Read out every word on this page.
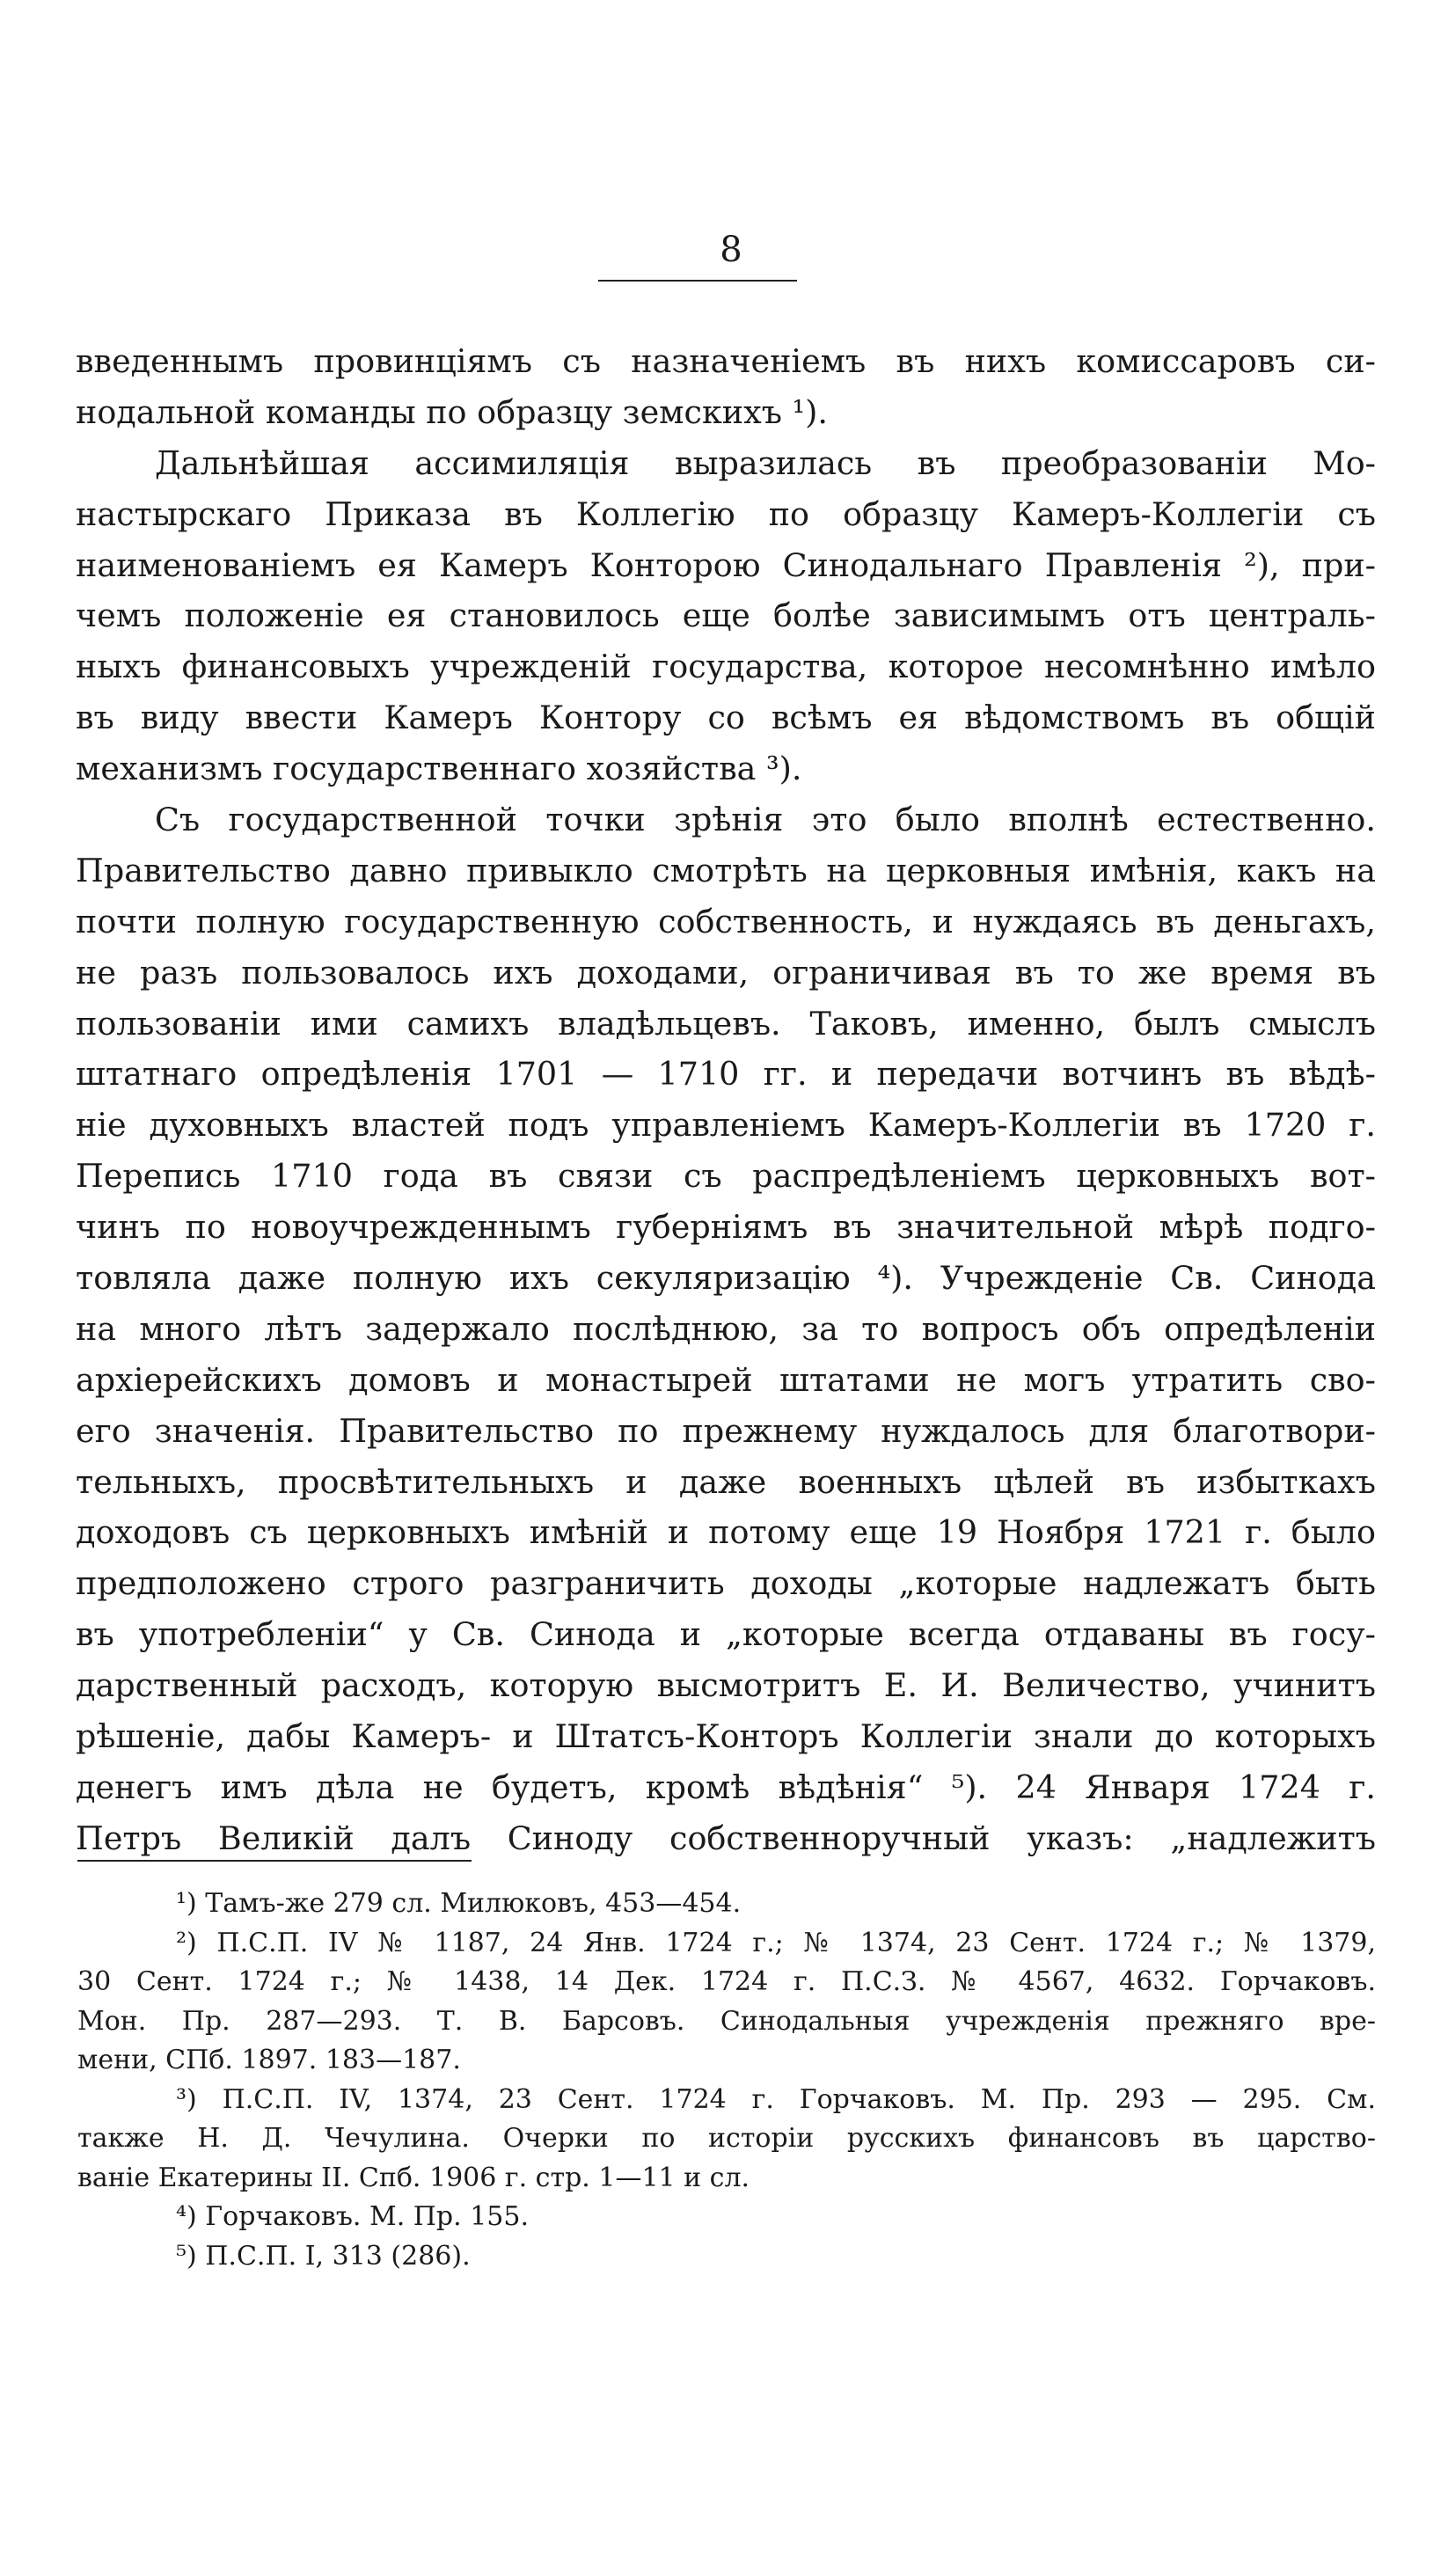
8
введеннымъ провинціямъ съ назначеніемъ въ нихъ комиссаровъ си-
нодальной команды по образцу земскихъ ¹).
Дальнѣйшая ассимиляція выразилась въ преобразованіи Мо-
настырскаго Приказа въ Коллегію по образцу Камеръ-Коллегіи съ
наименованіемъ ея Камеръ Конторою Синодальнаго Правленія ²), при-
чемъ положеніе ея становилось еще болѣе зависимымъ отъ централь-
ныхъ финансовыхъ учрежденій государства, которое несомнѣнно имѣло
въ виду ввести Камеръ Контору со всѣмъ ея вѣдомствомъ въ общій
механизмъ государственнаго хозяйства ³).
Съ государственной точки зрѣнія это было вполнѣ естественно.
Правительство давно привыкло смотрѣть на церковныя имѣнія, какъ на
почти полную государственную собственность, и нуждаясь въ деньгахъ,
не разъ пользовалось ихъ доходами, ограничивая въ то же время въ
пользованіи ими самихъ владѣльцевъ. Таковъ, именно, былъ смыслъ
штатнаго опредѣленія 1701 — 1710 гг. и передачи вотчинъ въ вѣдѣ-
ніе духовныхъ властей подъ управленіемъ Камеръ-Коллегіи въ 1720 г.
Перепись 1710 года въ связи съ распредѣленіемъ церковныхъ вот-
чинъ по новоучрежденнымъ губерніямъ въ значительной мѣрѣ подго-
товляла даже полную ихъ секуляризацію ⁴). Учрежденіе Св. Синода
на много лѣтъ задержало послѣднюю, за то вопросъ объ опредѣленіи
архіерейскихъ домовъ и монастырей штатами не могъ утратить сво-
его значенія. Правительство по прежнему нуждалось для благотвори-
тельныхъ, просвѣтительныхъ и даже военныхъ цѣлей въ избыткахъ
доходовъ съ церковныхъ имѣній и потому еще 19 Ноября 1721 г. было
предположено строго разграничить доходы „которые надлежатъ быть
въ употребленіи“ у Св. Синода и „которые всегда отдаваны въ госу-
дарственный расходъ, которую высмотритъ Е. И. Величество, учинитъ
рѣшеніе, дабы Камеръ- и Штатсъ-Конторъ Коллегіи знали до которыхъ
денегъ имъ дѣла не будетъ, кромѣ вѣдѣнія“ ⁵). 24 Января 1724 г.
Петръ Великій далъ Синоду собственноручный указъ: „надлежитъ
¹) Тамъ-же 279 сл. Милюковъ, 453—454.
²) П.С.П. IV № 1187, 24 Янв. 1724 г.; № 1374, 23 Сент. 1724 г.; № 1379,
30 Сент. 1724 г.; № 1438, 14 Дек. 1724 г. П.С.З. № 4567, 4632. Горчаковъ.
Мон. Пр. 287—293. Т. В. Барсовъ. Синодальныя учрежденія прежняго вре-
мени, СПб. 1897. 183—187.
³) П.С.П. IV, 1374, 23 Сент. 1724 г. Горчаковъ. М. Пр. 293 — 295. См.
также Н. Д. Чечулина. Очерки по исторіи русскихъ финансовъ въ царство-
ваніе Екатерины II. Спб. 1906 г. стр. 1—11 и сл.
⁴) Горчаковъ. М. Пр. 155.
⁵) П.С.П. I, 313 (286).
